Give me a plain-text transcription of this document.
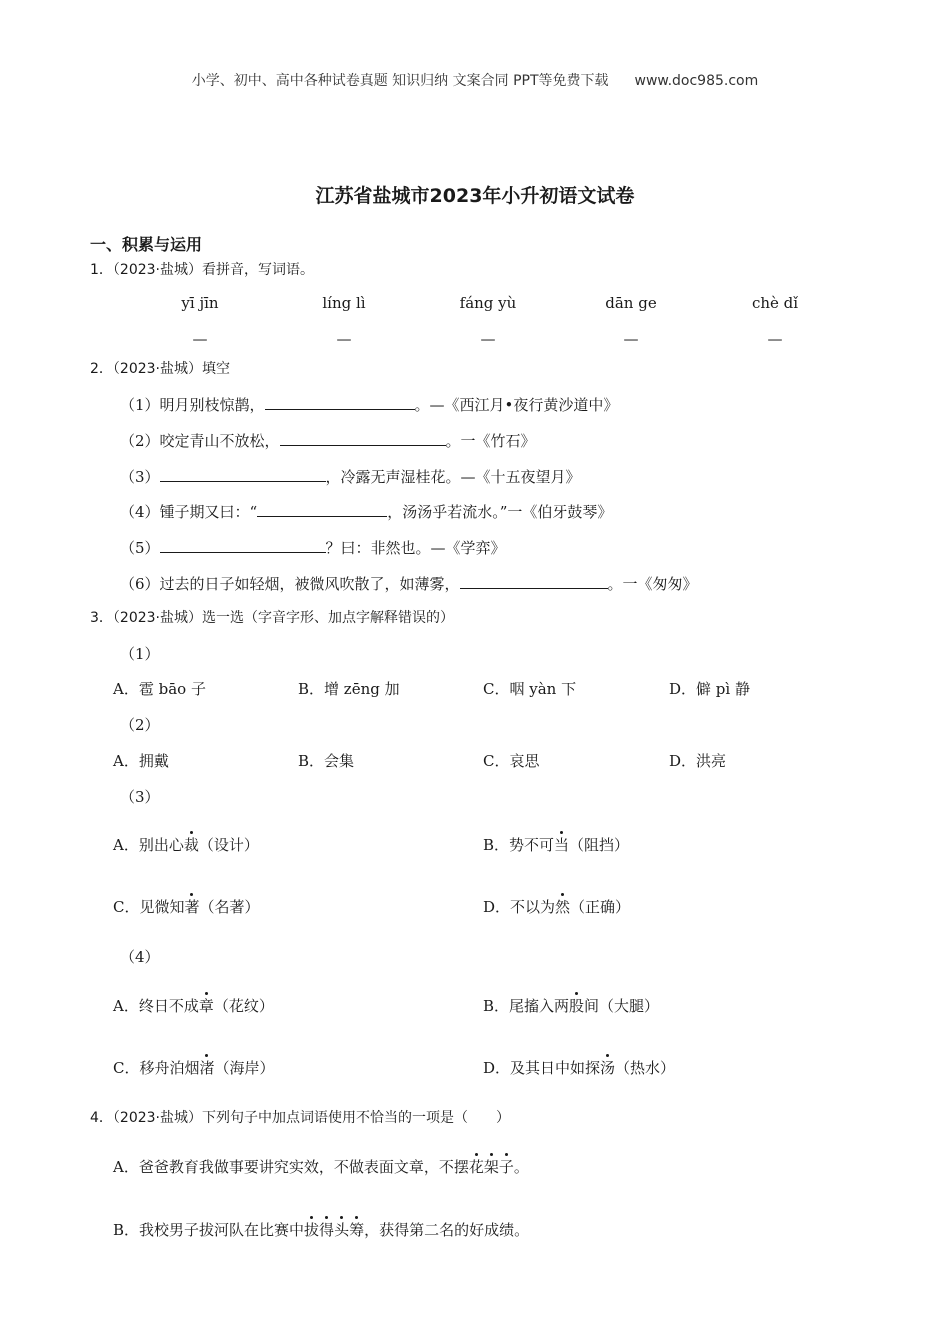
小学、初中、高中各种试卷真题 知识归纳 文案合同 PPT等免费下载 www.doc985.com
江苏省盐城市2023年小升初语文试卷
一、积累与运用
1．（2023·盐城）看拼音，写词语。
yī jīn	líng lì	fáng yù	dān ge	chè dǐ
—	—	—	—	—
2．（2023·盐城）填空
（1）明月别枝惊鹊，	。—《西江月•夜行黄沙道中》
（2）咬定青山不放松，	。一《竹石》
（3）	，冷露无声湿桂花。—《十五夜望月》
（4）锺子期又曰：“	，汤汤乎若流水。”一《伯牙鼓琴》
（5）	？曰：非然也。—《学弈》
（6）过去的日子如轻烟，被微风吹散了，如薄雾，	。一《匆匆》
3．（2023·盐城）选一选（字音字形、加点字解释错误的）
（1）
A．雹 bāo 子	B．增 zēng 加	C．咽 yàn 下	D．僻 pì 静
（2）
A．拥戴	B．会集	C．哀思	D．洪亮
（3）
A．别出心裁（设计）	B．势不可当（阻挡）
C．见微知著（名著）	D．不以为然（正确）
（4）
A．终日不成章（花纹）	B．尾搐入两股间（大腿）
C．移舟泊烟渚（海岸）	D．及其日中如探汤（热水）
4．（2023·盐城）下列句子中加点词语使用不恰当的一项是（　　）
A．爸爸教育我做事要讲究实效，不做表面文章，不摆花架子。
B．我校男子拔河队在比赛中拔得头筹，获得第二名的好成绩。
